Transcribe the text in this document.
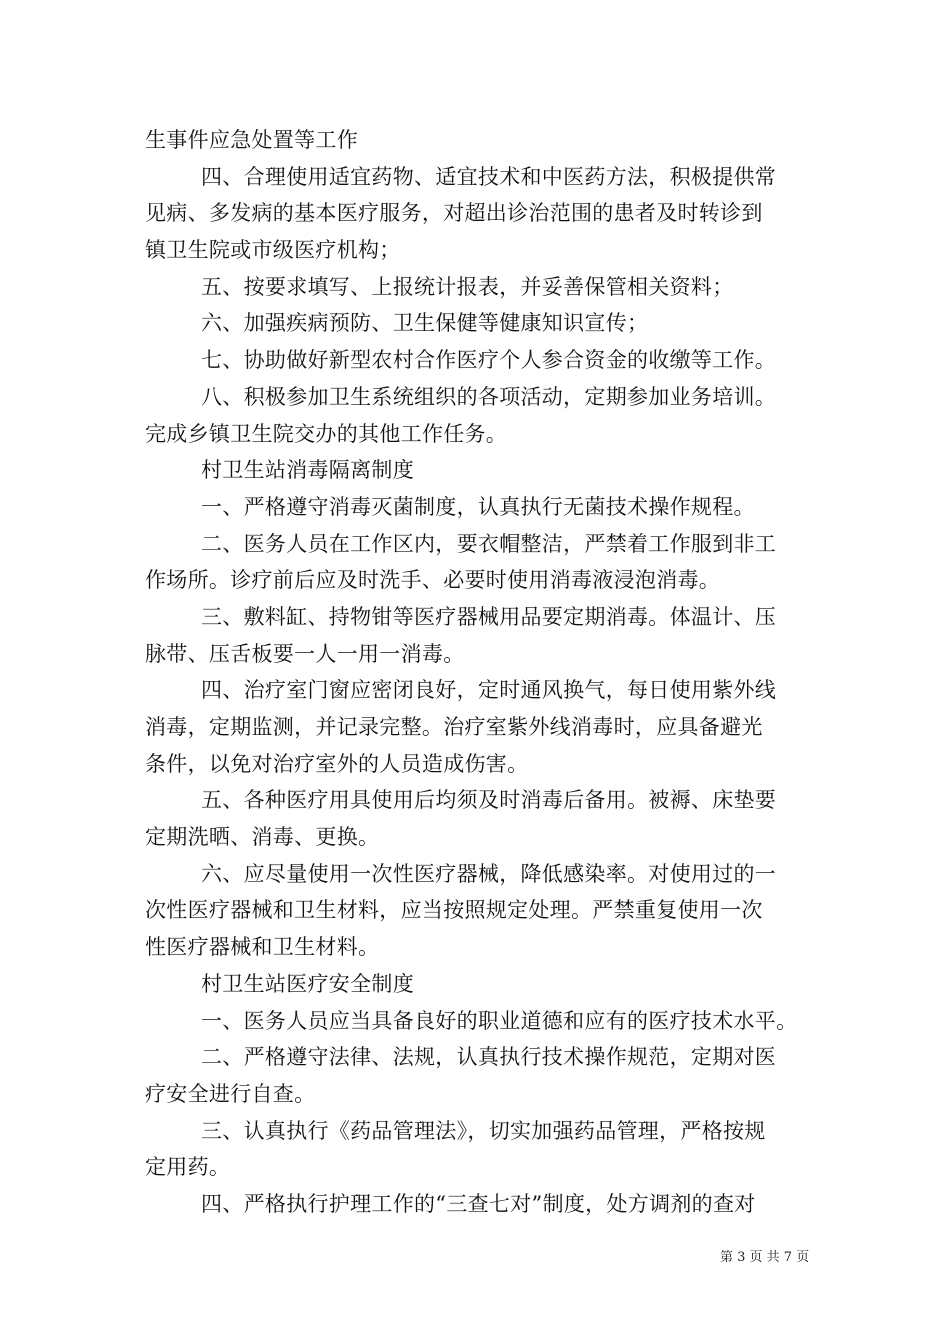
生事件应急处置等工作
四、合理使用适宜药物、适宜技术和中医药方法，积极提供常
见病、多发病的基本医疗服务，对超出诊治范围的患者及时转诊到
镇卫生院或市级医疗机构；
五、按要求填写、上报统计报表，并妥善保管相关资料；
六、加强疾病预防、卫生保健等健康知识宣传；
七、协助做好新型农村合作医疗个人参合资金的收缴等工作。
八、积极参加卫生系统组织的各项活动，定期参加业务培训。
完成乡镇卫生院交办的其他工作任务。
村卫生站消毒隔离制度
一、严格遵守消毒灭菌制度，认真执行无菌技术操作规程。
二、医务人员在工作区内，要衣帽整洁，严禁着工作服到非工
作场所。诊疗前后应及时洗手、必要时使用消毒液浸泡消毒。
三、敷料缸、持物钳等医疗器械用品要定期消毒。体温计、压
脉带、压舌板要一人一用一消毒。
四、治疗室门窗应密闭良好，定时通风换气，每日使用紫外线
消毒，定期监测，并记录完整。治疗室紫外线消毒时，应具备避光
条件，以免对治疗室外的人员造成伤害。
五、各种医疗用具使用后均须及时消毒后备用。被褥、床垫要
定期洗晒、消毒、更换。
六、应尽量使用一次性医疗器械，降低感染率。对使用过的一
次性医疗器械和卫生材料，应当按照规定处理。严禁重复使用一次
性医疗器械和卫生材料。
村卫生站医疗安全制度
一、医务人员应当具备良好的职业道德和应有的医疗技术水平。
二、严格遵守法律、法规，认真执行技术操作规范，定期对医
疗安全进行自查。
三、认真执行《药品管理法》，切实加强药品管理，严格按规
定用药。
四、严格执行护理工作的“三查七对”制度，处方调剂的查对
第 3 页 共 7 页
